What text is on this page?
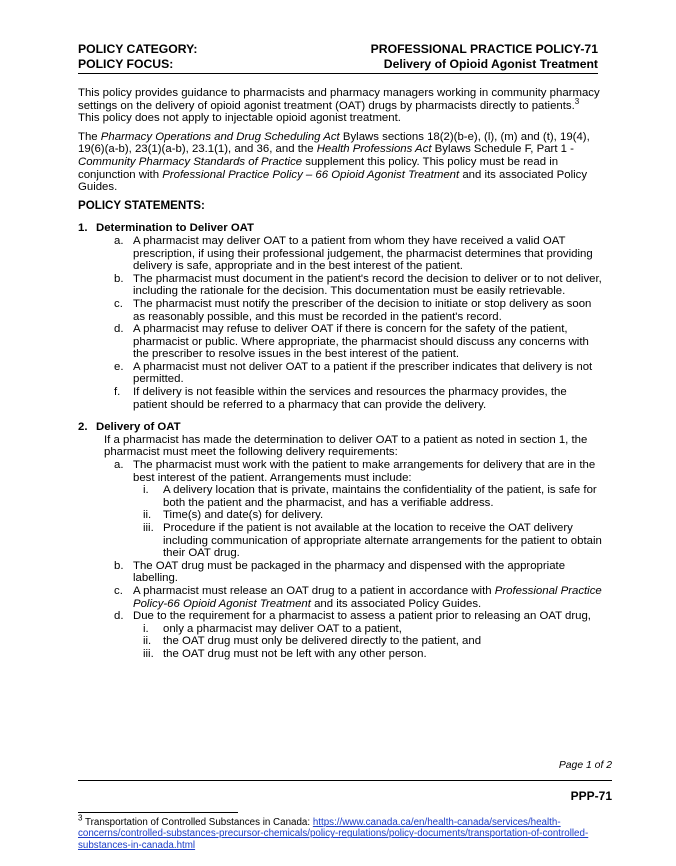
POLICY CATEGORY:	PROFESSIONAL PRACTICE POLICY-71
POLICY FOCUS:	Delivery of Opioid Agonist Treatment

This policy provides guidance to pharmacists and pharmacy managers working in community pharmacy settings on the delivery of opioid agonist treatment (OAT) drugs by pharmacists directly to patients.$^3$ This policy does not apply to injectable opioid agonist treatment.

The Pharmacy Operations and Drug Scheduling Act Bylaws sections 18(2)(b-e), (l), (m) and (t), 19(4), 19(6)(a-b), 23(1)(a-b), 23.1(1), and 36, and the Health Professions Act Bylaws Schedule F, Part 1 - Community Pharmacy Standards of Practice supplement this policy. This policy must be read in conjunction with Professional Practice Policy – 66 Opioid Agonist Treatment and its associated Policy Guides.

POLICY STATEMENTS:
1. Determination to Deliver OAT
a. A pharmacist may deliver OAT to a patient from whom they have received a valid OAT prescription, if using their professional judgement, the pharmacist determines that providing delivery is safe, appropriate and in the best interest of the patient.
b. The pharmacist must document in the patient's record the decision to deliver or to not deliver, including the rationale for the decision. This documentation must be easily retrievable.
c. The pharmacist must notify the prescriber of the decision to initiate or stop delivery as soon as reasonably possible, and this must be recorded in the patient's record.
d. A pharmacist may refuse to deliver OAT if there is concern for the safety of the patient, pharmacist or public. Where appropriate, the pharmacist should discuss any concerns with the prescriber to resolve issues in the best interest of the patient.
e. A pharmacist must not deliver OAT to a patient if the prescriber indicates that delivery is not permitted.
f.	If delivery is not feasible within the services and resources the pharmacy provides, the patient should be referred to a pharmacy that can provide the delivery.
2. Delivery of OAT
If a pharmacist has made the determination to deliver OAT to a patient as noted in section 1, the pharmacist must meet the following delivery requirements:
a. The pharmacist must work with the patient to make arrangements for delivery that are in the best interest of the patient. Arrangements must include:
i.	A delivery location that is private, maintains the confidentiality of the patient, is safe for both the patient and the pharmacist, and has a verifiable address.
ii.	Time(s) and date(s) for delivery.
iii. Procedure if the patient is not available at the location to receive the OAT delivery including communication of appropriate alternate arrangements for the patient to obtain their OAT drug.
b. The OAT drug must be packaged in the pharmacy and dispensed with the appropriate labelling.
c. A pharmacist must release an OAT drug to a patient in accordance with Professional Practice Policy-66 Opioid Agonist Treatment and its associated Policy Guides.
d. Due to the requirement for a pharmacist to assess a patient prior to releasing an OAT drug,
i.	only a pharmacist may deliver OAT to a patient,
ii.	the OAT drug must only be delivered directly to the patient, and
iii. the OAT drug must not be left with any other person.
Page 1 of 2
PPP-71
$^3$ Transportation of Controlled Substances in Canada: https://www.canada.ca/en/health-canada/services/health-concerns/controlled-substances-precursor-chemicals/policy-regulations/policy-documents/transportation-of-controlled-substances-in-canada.html
